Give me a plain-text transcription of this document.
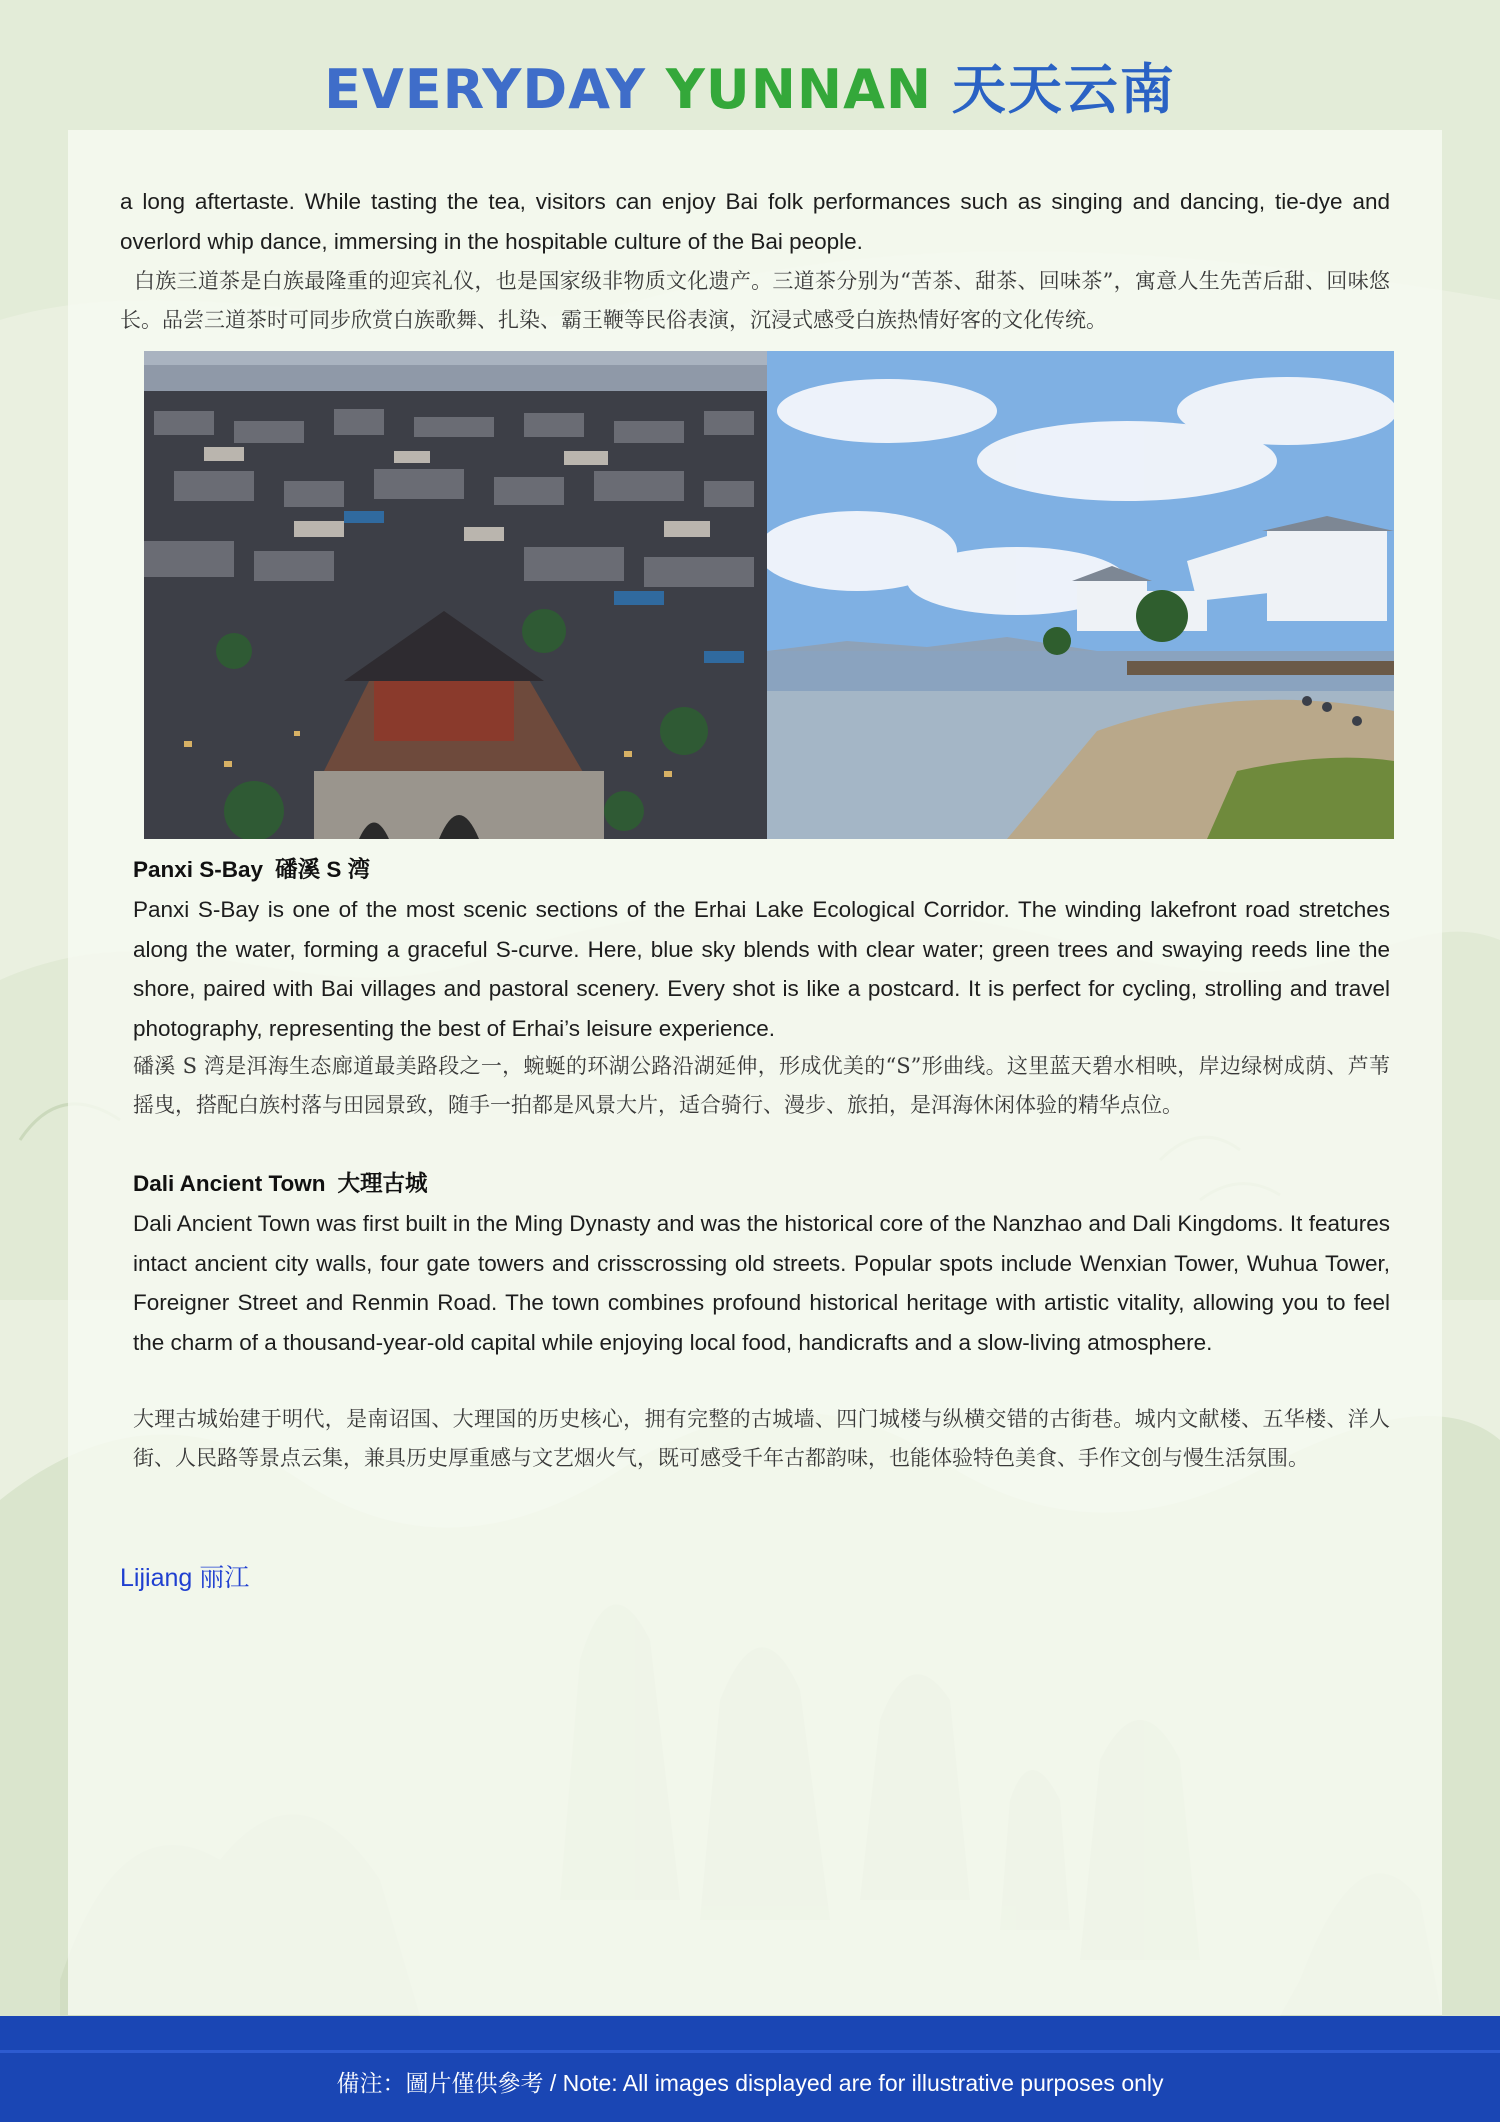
EVERYDAY YUNNAN 天天云南

a long aftertaste. While tasting the tea, visitors can enjoy Bai folk performances such as singing and dancing, tie-dye and overlord whip dance, immersing in the hospitable culture of the Bai people.

白族三道茶是白族最隆重的迎宾礼仪，也是国家级非物质文化遗产。三道茶分别为“苦茶、甜茶、回味茶”，寓意人生先苦后甜、回味悠长。品尝三道茶时可同步欣赏白族歌舞、扎染、霸王鞭等民俗表演，沉浸式感受白族热情好客的文化传统。

Panxi S-Bay 磻溪 S 湾

Panxi S-Bay is one of the most scenic sections of the Erhai Lake Ecological Corridor. The winding lakefront road stretches along the water, forming a graceful S-curve. Here, blue sky blends with clear water; green trees and swaying reeds line the shore, paired with Bai villages and pastoral scenery. Every shot is like a postcard. It is perfect for cycling, strolling and travel photography, representing the best of Erhai’s leisure experience.

磻溪 S 湾是洱海生态廊道最美路段之一，蜿蜒的环湖公路沿湖延伸，形成优美的“S”形曲线。这里蓝天碧水相映，岸边绿树成荫、芦苇摇曳，搭配白族村落与田园景致，随手一拍都是风景大片，适合骑行、漫步、旅拍，是洱海休闲体验的精华点位。

Dali Ancient Town 大理古城

Dali Ancient Town was first built in the Ming Dynasty and was the historical core of the Nanzhao and Dali Kingdoms. It features intact ancient city walls, four gate towers and crisscrossing old streets. Popular spots include Wenxian Tower, Wuhua Tower, Foreigner Street and Renmin Road. The town combines profound historical heritage with artistic vitality, allowing you to feel the charm of a thousand-year-old capital while enjoying local food, handicrafts and a slow-living atmosphere.

大理古城始建于明代，是南诏国、大理国的历史核心，拥有完整的古城墙、四门城楼与纵横交错的古街巷。城内文献楼、五华楼、洋人街、人民路等景点云集，兼具历史厚重感与文艺烟火气，既可感受千年古都韵味，也能体验特色美食、手作文创与慢生活氛围。

Lijiang 丽江
備注：圖片僅供參考 / Note: All images displayed are for illustrative purposes only
